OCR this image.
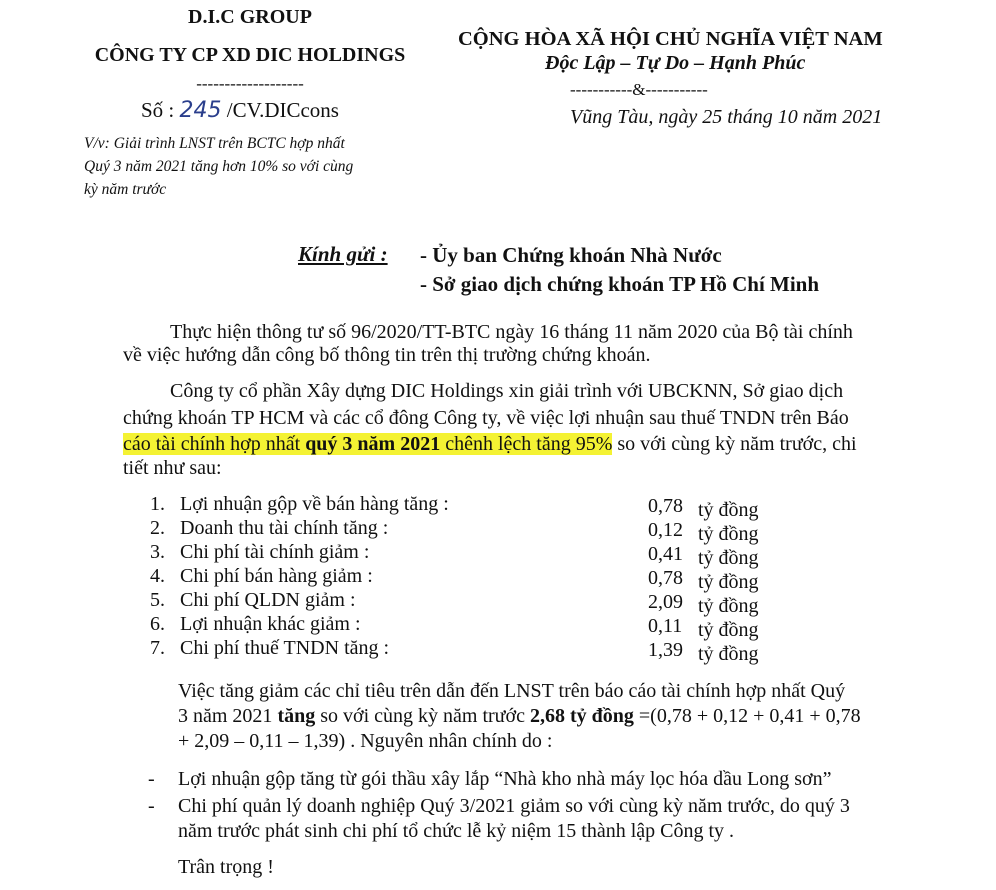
D.I.C GROUP
CÔNG TY CP XD DIC HOLDINGS
-------------------
Số : 245 /CV.DICcons
V/v: Giải trình LNST trên BCTC hợp nhất
Quý 3 năm 2021 tăng hơn 10% so với cùng
kỳ năm trước
CỘNG HÒA XÃ HỘI CHỦ NGHĨA VIỆT NAM
Độc Lập – Tự Do – Hạnh Phúc
-----------&-----------
Vũng Tàu, ngày 25 tháng 10 năm 2021
Kính gửi : - Ủy ban Chứng khoán Nhà Nước
- Sở giao dịch chứng khoán TP Hồ Chí Minh
Thực hiện thông tư số 96/2020/TT-BTC ngày 16 tháng 11 năm 2020 của Bộ tài chính
về việc hướng dẫn công bố thông tin trên thị trường chứng khoán.
Công ty cổ phần Xây dựng DIC Holdings xin giải trình với UBCKNN, Sở giao dịch
chứng khoán TP HCM và các cổ đông Công ty, về việc lợi nhuận sau thuế TNDN trên Báo
cáo tài chính hợp nhất quý 3 năm 2021 chênh lệch tăng 95% so với cùng kỳ năm trước, chi
tiết như sau:
1. Lợi nhuận gộp về bán hàng tăng :	0,78 tỷ đồng
2. Doanh thu tài chính tăng :	0,12 tỷ đồng
3. Chi phí tài chính giảm :	0,41 tỷ đồng
4. Chi phí bán hàng giảm :	0,78 tỷ đồng
5. Chi phí QLDN giảm :	2,09 tỷ đồng
6. Lợi nhuận khác giảm :	0,11 tỷ đồng
7. Chi phí thuế TNDN tăng :	1,39 tỷ đồng
Việc tăng giảm các chỉ tiêu trên dẫn đến LNST trên báo cáo tài chính hợp nhất Quý
3 năm 2021 tăng so với cùng kỳ năm trước 2,68 tỷ đồng =(0,78 + 0,12 + 0,41 + 0,78
+ 2,09 – 0,11 – 1,39) . Nguyên nhân chính do :
- Lợi nhuận gộp tăng từ gói thầu xây lắp “Nhà kho nhà máy lọc hóa dầu Long sơn”
- Chi phí quản lý doanh nghiệp Quý 3/2021 giảm so với cùng kỳ năm trước, do quý 3
năm trước phát sinh chi phí tổ chức lễ kỷ niệm 15 thành lập Công ty .
Trân trọng !
